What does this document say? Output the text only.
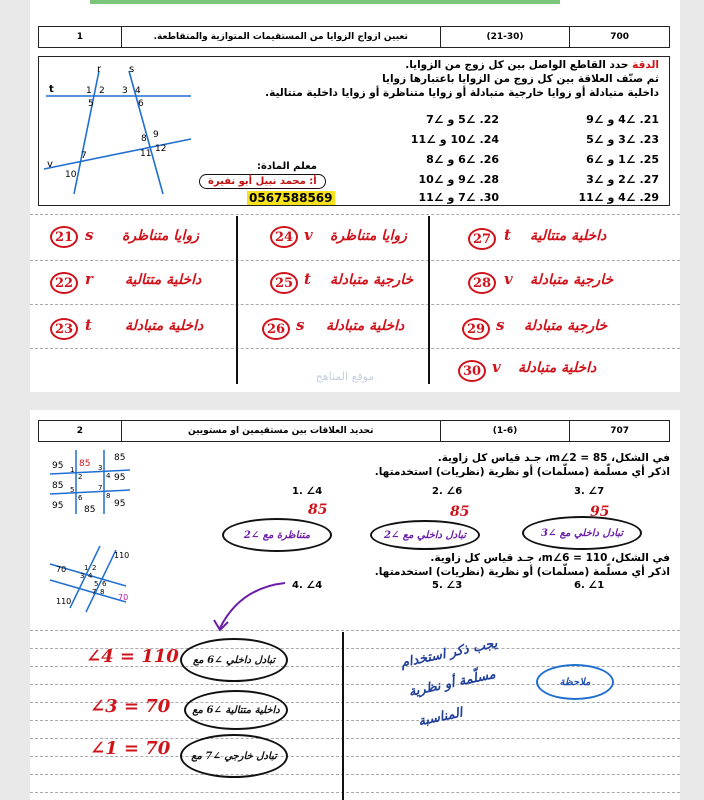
700
(21-30)
تعيين ازواج الزوايا من المستقيمات المتوازية والمتقاطعة.
1
t
r	s
v
1 2 3 4
5	6
7
8 9
10
11 12
الدقة حدد القاطع الواصل بين كل زوج من الزوايا.
ثم صنّف العلاقة بين كل زوج من الزوايا باعتبارها زوايا
داخلية متبادلة أو زوايا خارجية متبادلة أو زوايا متناظرة أو زوايا داخلية متتالية.
21. ∠4 و ∠9
22. ∠5 و ∠7
23. ∠3 و ∠5
24. ∠10 و ∠11
25. ∠1 و ∠6
26. ∠6 و ∠8
27. ∠2 و ∠3
28. ∠9 و ∠10
29. ∠4 و ∠11
30. ∠7 و ∠11
معلم المادة:
أ: محمد نبيل أبو نفيرة
0567588569
21 s زوايا متناظرة	24 v زوايا متناظرة	27 t داخلية متتالية
22 r داخلية متتالية	25 t خارجية متبادلة	28 v خارجية متبادلة
23 t داخلية متبادلة	26 s داخلية متبادلة	29 s خارجية متبادلة
30 v داخلية متبادلة
موقع المناهج
707
(1-6)
تحديد العلاقات بين مستقيمين او مستويين
2
95 85
85
95
85
95	95
85
1
2
3
4
5
6
7
8
110
70
110
70
1 2
3 4
5 6
7 8
في الشكل، 85 = m∠2، جـد قياس كل زاوية.
اذكر أي مسلّمة (مسلّمات) أو نظرية (نظريات) استخدمتها.
1. ∠4	2. ∠6	3. ∠7
85	85	95
متناظرة مع ∠2	تبادل داخلي مع ∠2	تبادل داخلي مع ∠3
في الشكل، 110 = m∠6، جـد قياس كل زاوية.
اذكر أي مسلّمة (مسلّمات) أو نظرية (نظريات) استخدمتها.
4. ∠4	5. ∠3	6. ∠1
∠4 = 110	تبادل داخلي ∠6 مع
∠3 = 70	داخلية متتالية ∠6 مع
∠1 = 70	تبادل خارجي ∠7 مع
ملاحظة
يجب ذكر استخدام
مسلّمة أو نظرية
المناسبة
